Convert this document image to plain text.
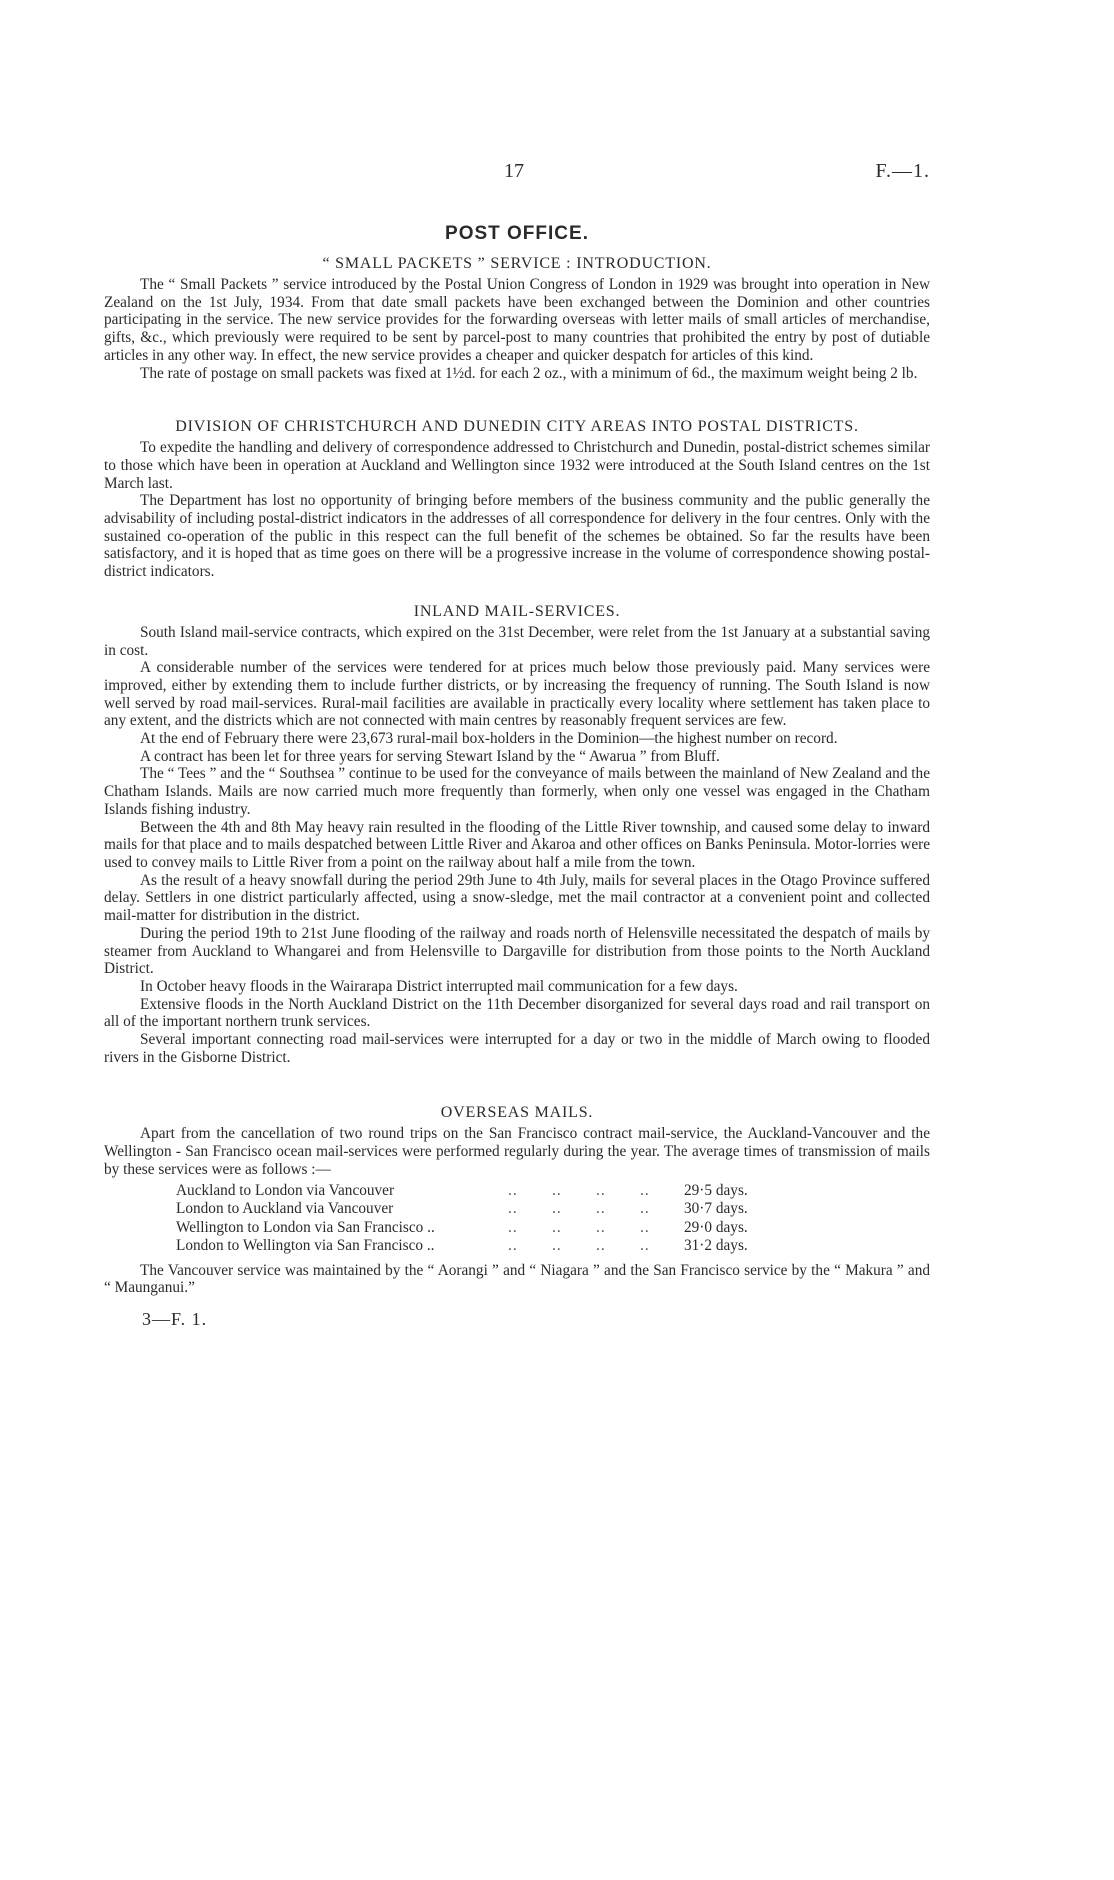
17	F.—1.
POST OFFICE.
“ SMALL PACKETS ” SERVICE : INTRODUCTION.

The “ Small Packets ” service introduced by the Postal Union Congress of London in 1929 was brought into operation in New Zealand on the 1st July, 1934. From that date small packets have been exchanged between the Dominion and other countries participating in the service. The new service provides for the forwarding overseas with letter mails of small articles of merchandise, gifts, &c., which previously were required to be sent by parcel-post to many countries that prohibited the entry by post of dutiable articles in any other way. In effect, the new service provides a cheaper and quicker despatch for articles of this kind.

The rate of postage on small packets was fixed at 1½d. for each 2 oz., with a minimum of 6d., the maximum weight being 2 lb.

DIVISION OF CHRISTCHURCH AND DUNEDIN CITY AREAS INTO POSTAL DISTRICTS.

To expedite the handling and delivery of correspondence addressed to Christchurch and Dunedin, postal-district schemes similar to those which have been in operation at Auckland and Wellington since 1932 were introduced at the South Island centres on the 1st March last.

The Department has lost no opportunity of bringing before members of the business community and the public generally the advisability of including postal-district indicators in the addresses of all correspondence for delivery in the four centres. Only with the sustained co-operation of the public in this respect can the full benefit of the schemes be obtained. So far the results have been satisfactory, and it is hoped that as time goes on there will be a progressive increase in the volume of correspondence showing postal-district indicators.

INLAND MAIL-SERVICES.

South Island mail-service contracts, which expired on the 31st December, were relet from the 1st January at a substantial saving in cost.

A considerable number of the services were tendered for at prices much below those previously paid. Many services were improved, either by extending them to include further districts, or by increasing the frequency of running. The South Island is now well served by road mail-services. Rural-mail facilities are available in practically every locality where settlement has taken place to any extent, and the districts which are not connected with main centres by reasonably frequent services are few.

At the end of February there were 23,673 rural-mail box-holders in the Dominion—the highest number on record.

A contract has been let for three years for serving Stewart Island by the “ Awarua ” from Bluff.

The “ Tees ” and the “ Southsea ” continue to be used for the conveyance of mails between the mainland of New Zealand and the Chatham Islands. Mails are now carried much more frequently than formerly, when only one vessel was engaged in the Chatham Islands fishing industry.

Between the 4th and 8th May heavy rain resulted in the flooding of the Little River township, and caused some delay to inward mails for that place and to mails despatched between Little River and Akaroa and other offices on Banks Peninsula. Motor-lorries were used to convey mails to Little River from a point on the railway about half a mile from the town.

As the result of a heavy snowfall during the period 29th June to 4th July, mails for several places in the Otago Province suffered delay. Settlers in one district particularly affected, using a snow-sledge, met the mail contractor at a convenient point and collected mail-matter for distribution in the district.

During the period 19th to 21st June flooding of the railway and roads north of Helensville necessitated the despatch of mails by steamer from Auckland to Whangarei and from Helensville to Dargaville for distribution from those points to the North Auckland District.

In October heavy floods in the Wairarapa District interrupted mail communication for a few days.

Extensive floods in the North Auckland District on the 11th December disorganized for several days road and rail transport on all of the important northern trunk services.

Several important connecting road mail-services were interrupted for a day or two in the middle of March owing to flooded rivers in the Gisborne District.

OVERSEAS MAILS.

Apart from the cancellation of two round trips on the San Francisco contract mail-service, the Auckland-Vancouver and the Wellington - San Francisco ocean mail-services were performed regularly during the year. The average times of transmission of mails by these services were as follows :—

Auckland to London via Vancouver	..	..	..	..	29·5 days.
London to Auckland via Vancouver	..	..	..	..	30·7 days.
Wellington to London via San Francisco ..	..	..	..	..	29·0 days.
London to Wellington via San Francisco ..	..	..	..	..	31·2 days.

The Vancouver service was maintained by the “ Aorangi ” and “ Niagara ” and the San Francisco service by the “ Makura ” and “ Maunganui.”

3—F. 1.
